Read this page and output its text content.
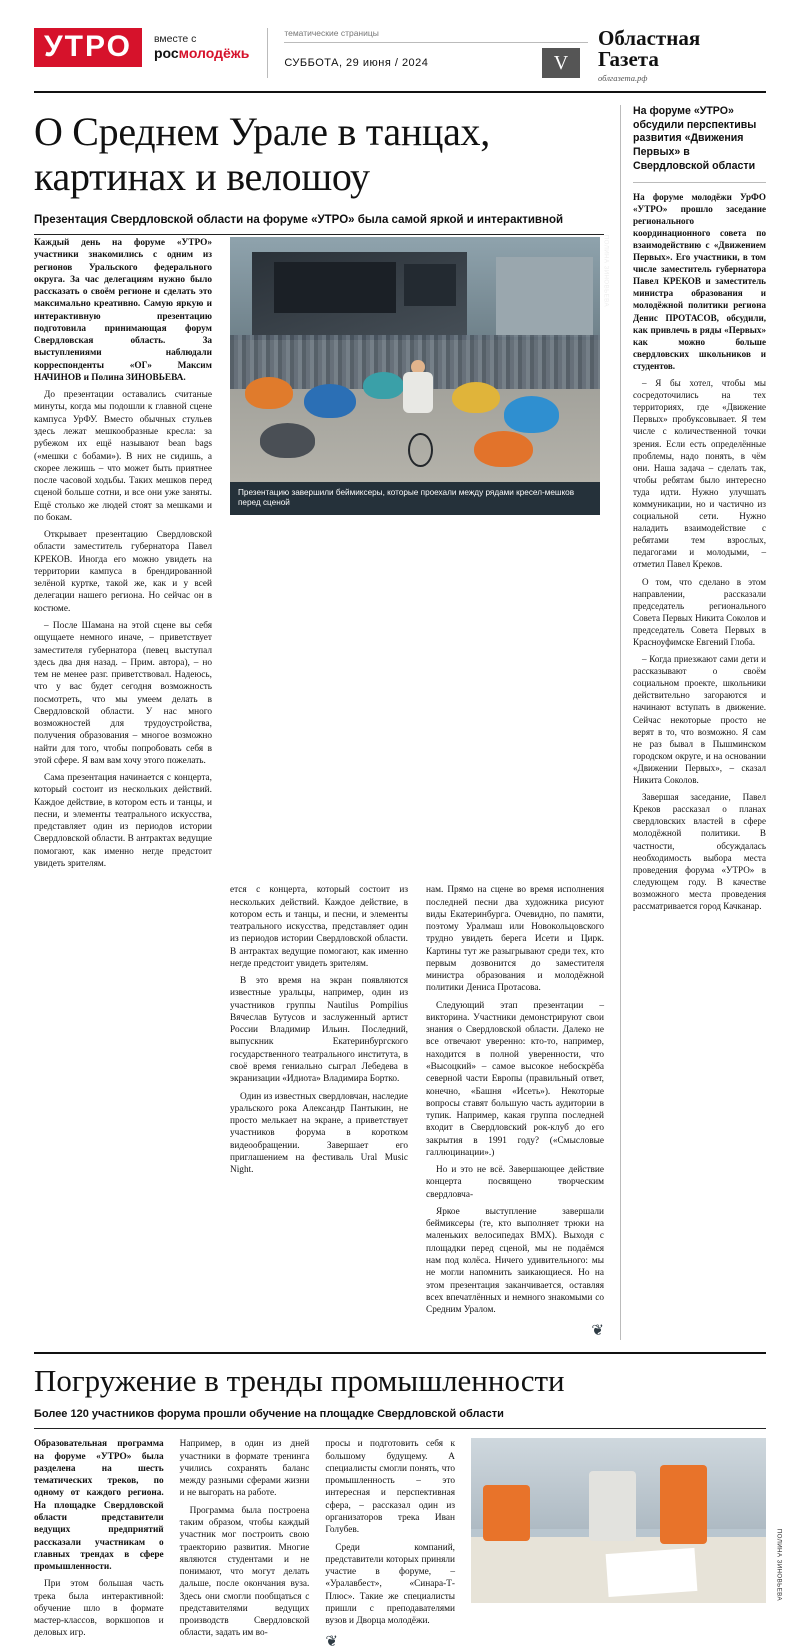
УТРО	вместе с
росмолодёжь
тематические страницы
СУББОТА, 29 июня / 2024	V
Областная
Газета
облгазета.рф
О Среднем Урале в танцах, картинах и велошоу
Презентация Свердловской области на форуме «УТРО» была самой яркой и интерактивной

Каждый день на форуме «УТРО» участники знакомились с одним из регионов Уральского федерального округа. За час делегациям нужно было рассказать о своём регионе и сделать это максимально креативно. Самую яркую и интерактивную презентацию подготовила принимающая форум Свердловская область. За выступлениями наблюдали корреспонденты «ОГ» Максим НАЧИНОВ и Полина ЗИНОВЬЕВА.

До презентации оставались считаные минуты, когда мы подошли к главной сцене кампуса УрФУ. Вместо обычных стульев здесь лежат мешкообразные кресла: за рубежом их ещё называют bean bags («мешки с бобами»). В них не сидишь, а скорее лежишь – что может быть приятнее после часовой ходьбы. Таких мешков перед сценой больше сотни, и все они уже заняты. Ещё столько же людей стоят за мешками и по бокам.

Открывает презентацию Свердловской области заместитель губернатора Павел КРЕКОВ. Иногда его можно увидеть на территории кампуса в брендированной зелёной куртке, такой же, как и у всей делегации нашего региона. Но сейчас он в костюме.

– После Шамана на этой сцене вы себя ощущаете немного иначе, – приветствует заместителя губернатора (певец выступал здесь два дня назад. – Прим. автора), – но тем не менее разг. приветствовал. Надеюсь, что у вас будет сегодня возможность посмотреть, что мы умеем делать в Свердловской области. У нас много возможностей для трудоустройства, получения образования – многое возможно найти для того, чтобы попробовать себя в этой сфере. Я вам вам хочу этого пожелать.

Сама презентация начинается с концерта, который состоит из нескольких действий. Каждое действие, в котором есть и танцы, и песни, и элементы театрального искусства, представляет один из периодов истории Свердловской области. В антрактах ведущие помогают, как именно негде предстоит увидеть зрителям.

ПОЛИНА ЗИНОВЬЕВА
Презентацию завершили беймиксеры, которые проехали между рядами кресел-мешков перед сценой

ется с концерта, который состоит из нескольких действий. Каждое действие, в котором есть и танцы, и песни, и элементы театрального искусства, представляет один из периодов истории Свердловской области. В антрактах ведущие помогают, как именно негде предстоит увидеть зрителям.

В это время на экран появляются известные уральцы, например, один из участников группы Nautilus Pompilius Вячеслав Бутусов и заслуженный артист России Владимир Ильин. Последний, выпускник Екатеринбургского государственного театрального института, в своё время гениально сыграл Лебедева в экранизации «Идиота» Владимира Бортко.

Один из известных свердловчан, наследие уральского рока Александр Пантыкин, не просто мелькает на экране, а приветствует участников форума в коротком видеообращении. Завершает его приглашением на фестиваль Ural Music Night.

нам. Прямо на сцене во время исполнения последней песни два художника рисуют виды Екатеринбурга. Очевидно, по памяти, поэтому Уралмаш или Новокольцовского трудно увидеть берега Исети и Цирк. Картины тут же разыгрывают среди тех, кто первым дозвонится до заместителя министра образования и молодёжной политики Дениса Протасова.

Следующий этап презентации – викторина. Участники демонстрируют свои знания о Свердловской области. Далеко не все отвечают уверенно: кто-то, например, находится в полной уверенности, что «Высоцкий» – самое высокое небоскрёба северной части Европы (правильный ответ, конечно, «Башня «Исеть»). Некоторые вопросы ставят большую часть аудитории в тупик. Например, какая группа последней входит в Свердловский рок-клуб до его закрытия в 1991 году? («Смысловые галлюцинации».)

Но и это не всё. Завершающее действие концерта посвящено творческим свердловча-

Яркое выступление завершали беймиксеры (те, кто выполняет трюки на маленьких велосипедах ВМХ). Выходя с площадки перед сценой, мы не подаёмся нам под колёса. Ничего удивительного: мы не могли напомнить заикающиеся. Но на этом презентация заканчивается, оставляя всех впечатлённых и немного знакомыми со Средним Уралом.

❦
На форуме «УТРО» обсудили перспективы развития «Движения Первых» в Свердловской области

На форуме молодёжи УрФО «УТРО» прошло заседание регионального координационного совета по взаимодействию с «Движением Первых». Его участники, в том числе заместитель губернатора Павел КРЕКОВ и заместитель министра образования и молодёжной политики региона Денис ПРОТАСОВ, обсудили, как привлечь в ряды «Первых» как можно больше свердловских школьников и студентов.

– Я бы хотел, чтобы мы сосредоточились на тех территориях, где «Движение Первых» пробуксовывает. Я тем числе с количественной точки зрения. Если есть определённые проблемы, надо понять, в чём они. Наша задача – сделать так, чтобы ребятам было интересно туда идти. Нужно улучшать коммуникации, но и частично из социальной сети. Нужно наладить взаимодействие с ребятами тем взрослых, педагогами и молодыми, – отметил Павел Креков.

О том, что сделано в этом направлении, рассказали председатель регионального Совета Первых Никита Соколов и председатель Совета Первых в Красноуфимске Евгений Глоба.

– Когда приезжают сами дети и рассказывают о своём социальном проекте, школьники действительно загораются и начинают вступать в движение. Сейчас некоторые просто не верят в то, что возможно. Я сам не раз бывал в Пышминском городском округе, и на основании «Движении Первых», – сказал Никита Соколов.

Завершая заседание, Павел Креков рассказал о планах свердловских властей в сфере молодёжной политики. В частности, обсуждалась необходимость выбора места проведения форума «УТРО» в следующем году. В качестве возможного места проведения рассматривается город Качканар.

Погружение в тренды промышленности
Более 120 участников форума прошли обучение на площадке Свердловской области

Образовательная программа на форуме «УТРО» была разделена на шесть тематических треков, по одному от каждого региона. На площадке Свердловской области представители ведущих предприятий рассказали участникам о главных трендах в сфере промышленности.

При этом большая часть трека была интерактивной: обучение шло в формате мастер-классов, воркшопов и деловых игр.

Например, в один из дней участники в формате тренинга учились сохранять баланс между разными сферами жизни и не выгорать на работе.

Программа была построена таким образом, чтобы каждый участник мог построить свою траекторию развития. Многие являются студентами и не понимают, что могут делать дальше, после окончания вуза. Здесь они смогли пообщаться с представителями ведущих производств Свердловской области, задать им во-

просы и подготовить себя к большому будущему. А специалисты смогли понять, что промышленность – это интересная и перспективная сфера, – рассказал один из организаторов трека Иван Голубев.

Среди компаний, представители которых приняли участие в форуме, – «Уралавбест», «Синара-Т-Плюс». Такие же специалисты пришли с преподавателями вузов и Дворца молодёжи.

❦
ПОЛИНА ЗИНОВЬЕВА
